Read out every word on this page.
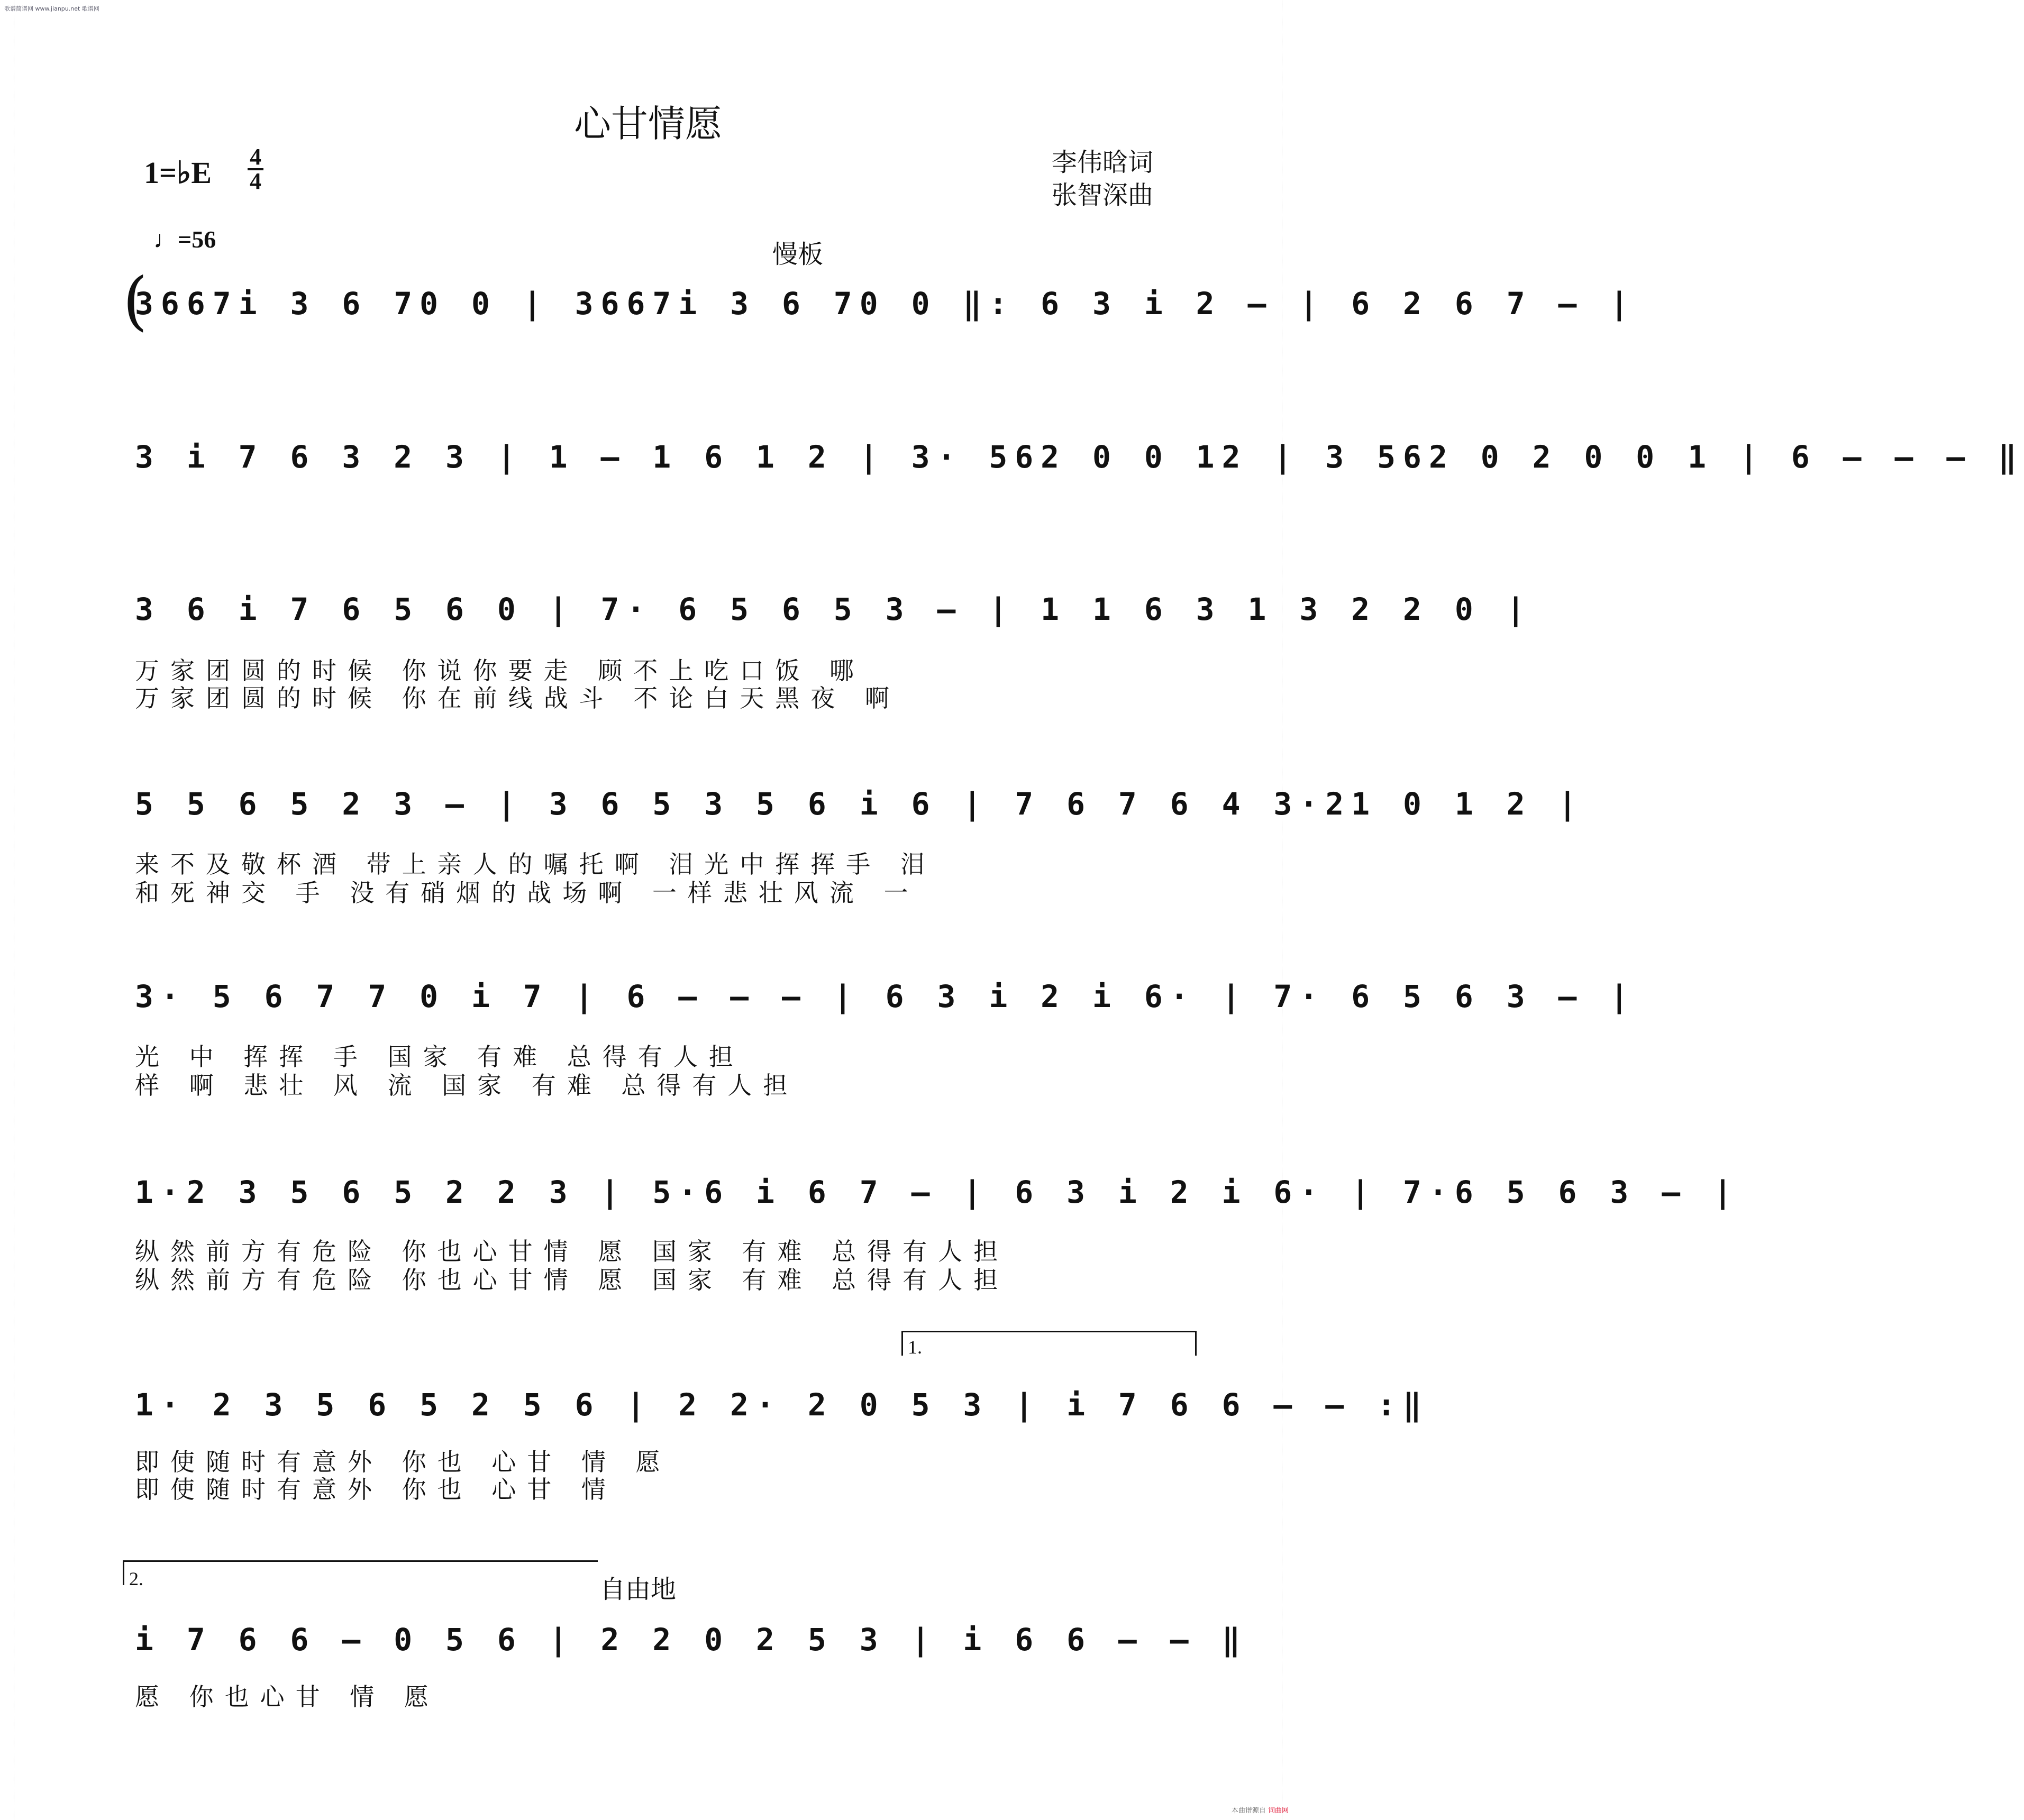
歌谱简谱网 www.jianpu.net 歌谱网
心甘情愿
1=♭E 4
4
李伟晗词
张智深曲
♩=56
慢板
(
3667i 3 6 70 0 | 3667i 3 6 70 0 ‖: 6 3 i 2 – | 6 2 6 7 – |
3 i 7 6 3 2 3 | 1 – 1 6 1 2 | 3· 562 0 0 12 | 3 562 0 2 0 0 1 | 6 – – – ‖
3 6 i 7 6 5 6 0 | 7· 6 5 6 5 3 – | 1 1 6 3 1 3 2 2 0 |
万家团圆的时候 你说你要走 顾不上吃口饭 哪
万家团圆的时候 你在前线战斗 不论白天黑夜 啊
5 5 6 5 2 3 – | 3 6 5 3 5 6 i 6 | 7 6 7 6 4 3·21 0 1 2 |
来不及敬杯酒 带上亲人的嘱托啊 泪光中挥挥手 泪
和死神交 手 没有硝烟的战场啊 一样悲壮风流 一
3· 5 6 7 7 0 i 7 | 6 – – – | 6 3 i 2 i 6· | 7· 6 5 6 3 – |
光 中 挥挥 手 国家 有难 总得有人担
样 啊 悲壮 风 流 国家 有难 总得有人担
1·2 3 5 6 5 2 2 3 | 5·6 i 6 7 – | 6 3 i 2 i 6· | 7·6 5 6 3 – |
纵然前方有危险 你也心甘情 愿 国家 有难 总得有人担
纵然前方有危险 你也心甘情 愿 国家 有难 总得有人担
1.
1· 2 3 5 6 5 2 5 6 | 2 2· 2 0 5 3 | i 7 6 6 – – :‖
即使随时有意外 你也 心甘 情 愿
即使随时有意外 你也 心甘 情
2.	自由地
i 7 6 6 – 0 5 6 | 2 2 0 2 5 3 | i 6 6 – – ‖
愿 你也心甘 情 愿
本曲谱源自 词曲网
